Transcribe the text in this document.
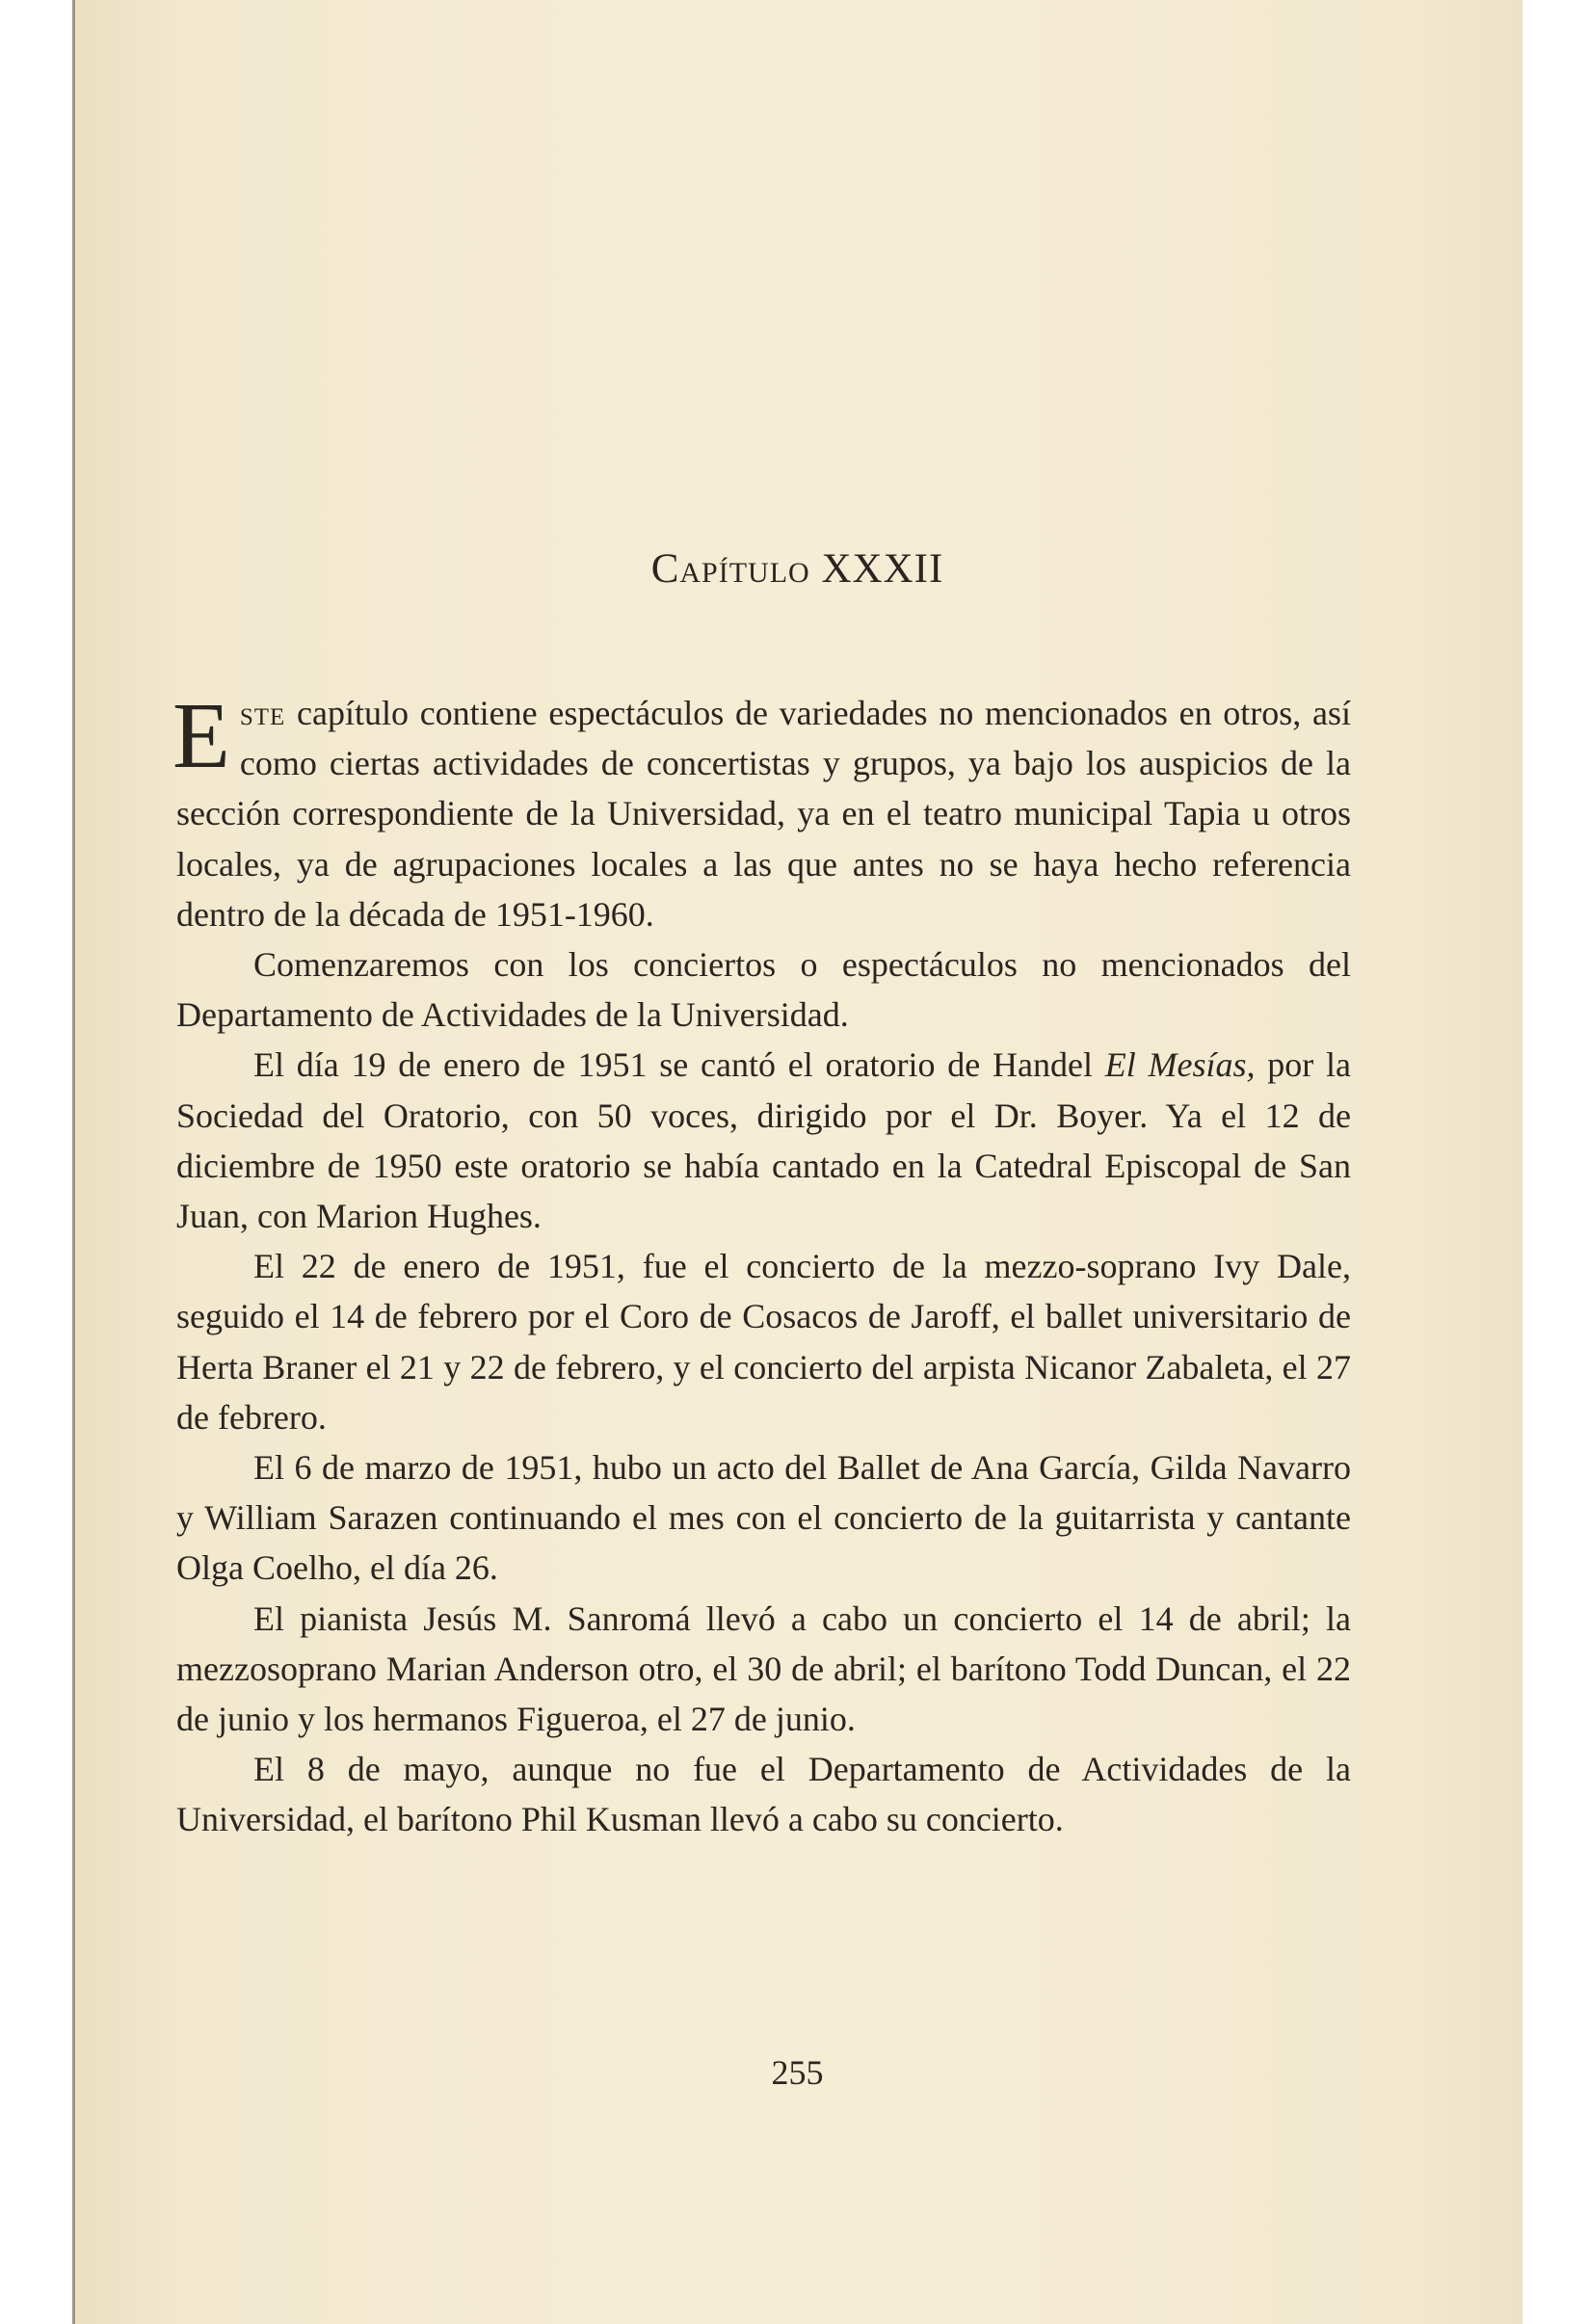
Capítulo XXXII

Este capítulo contiene espectáculos de variedades no mencionados en otros, así como ciertas actividades de concertistas y grupos, ya bajo los auspicios de la sección correspondiente de la Universidad, ya en el teatro municipal Tapia u otros locales, ya de agrupaciones locales a las que antes no se haya hecho referencia dentro de la década de 1951-1960.

Comenzaremos con los conciertos o espectáculos no mencionados del Departamento de Actividades de la Universidad.

El día 19 de enero de 1951 se cantó el oratorio de Handel El Mesías, por la Sociedad del Oratorio, con 50 voces, dirigido por el Dr. Boyer. Ya el 12 de diciembre de 1950 este oratorio se había cantado en la Catedral Episcopal de San Juan, con Marion Hughes.

El 22 de enero de 1951, fue el concierto de la mezzo-soprano Ivy Dale, seguido el 14 de febrero por el Coro de Cosacos de Jaroff, el ballet universitario de Herta Braner el 21 y 22 de febrero, y el concierto del arpista Nicanor Zabaleta, el 27 de febrero.

El 6 de marzo de 1951, hubo un acto del Ballet de Ana García, Gilda Navarro y William Sarazen continuando el mes con el concierto de la guitarrista y cantante Olga Coelho, el día 26.

El pianista Jesús M. Sanromá llevó a cabo un concierto el 14 de abril; la mezzosoprano Marian Anderson otro, el 30 de abril; el barítono Todd Duncan, el 22 de junio y los hermanos Figueroa, el 27 de junio.

El 8 de mayo, aunque no fue el Departamento de Actividades de la Universidad, el barítono Phil Kusman llevó a cabo su concierto.

255
